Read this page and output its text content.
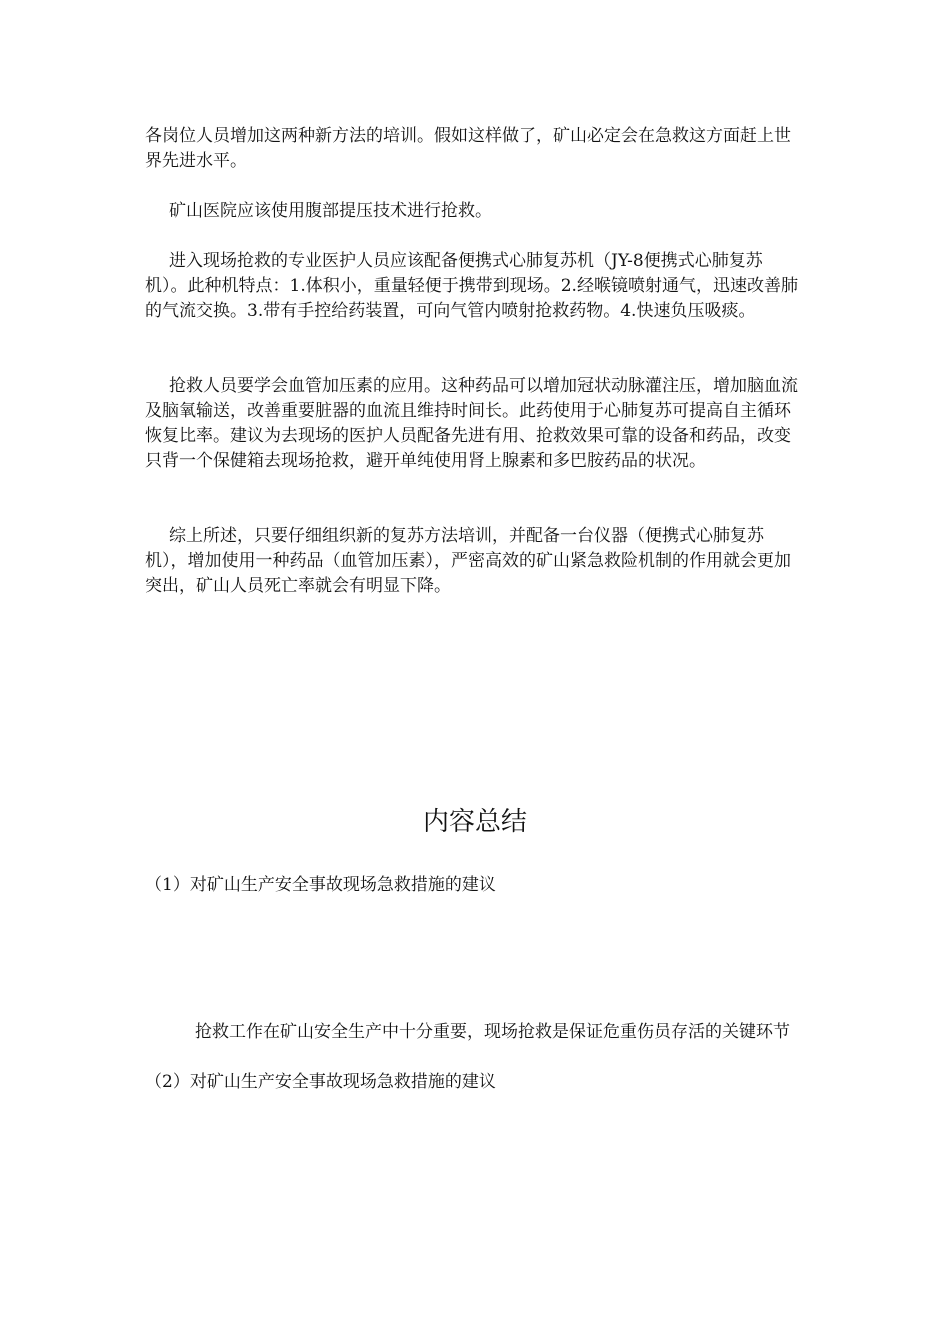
各岗位人员增加这两种新方法的培训。假如这样做了，矿山必定会在急救这方面赶上世界先进水平。

矿山医院应该使用腹部提压技术进行抢救。

进入现场抢救的专业医护人员应该配备便携式心肺复苏机（JY-8便携式心肺复苏机）。此种机特点：1.体积小，重量轻便于携带到现场。2.经喉镜喷射通气，迅速改善肺的气流交换。3.带有手控给药装置，可向气管内喷射抢救药物。4.快速负压吸痰。

抢救人员要学会血管加压素的应用。这种药品可以增加冠状动脉灌注压，增加脑血流及脑氧输送，改善重要脏器的血流且维持时间长。此药使用于心肺复苏可提高自主循环恢复比率。建议为去现场的医护人员配备先进有用、抢救效果可靠的设备和药品，改变只背一个保健箱去现场抢救，避开单纯使用肾上腺素和多巴胺药品的状况。

综上所述，只要仔细组织新的复苏方法培训，并配备一台仪器（便携式心肺复苏机），增加使用一种药品（血管加压素），严密高效的矿山紧急救险机制的作用就会更加突出，矿山人员死亡率就会有明显下降。

内容总结

（1）对矿山生产安全事故现场急救措施的建议

抢救工作在矿山安全生产中十分重要，现场抢救是保证危重伤员存活的关键环节

（2）对矿山生产安全事故现场急救措施的建议
